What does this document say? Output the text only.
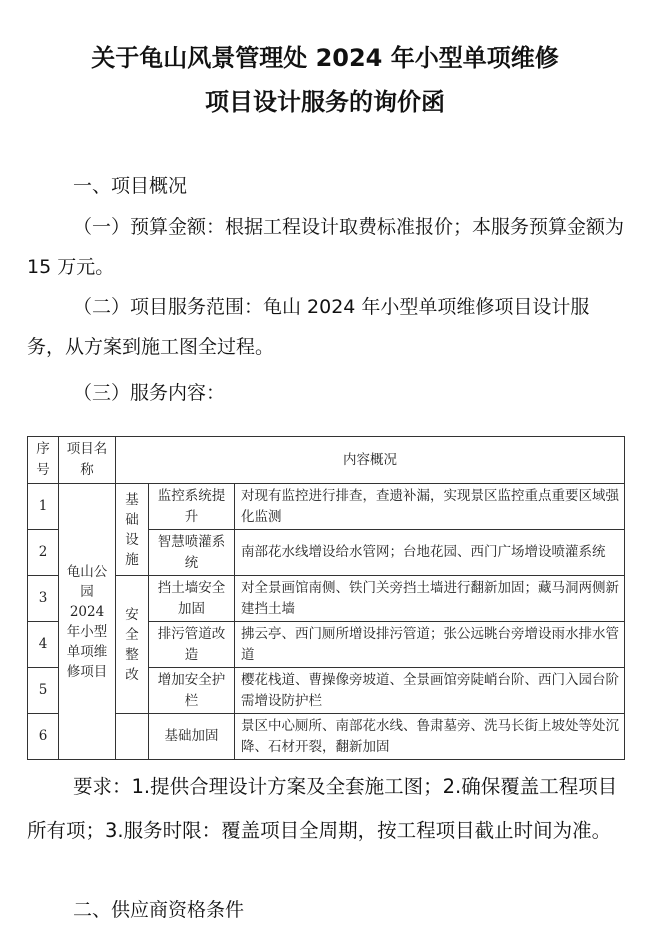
关于龟山风景管理处 2024 年小型单项维修
项目设计服务的询价函

一、项目概况

（一）预算金额：根据工程设计取费标准报价；本服务预算金额为 15 万元。

（二）项目服务范围：龟山 2024 年小型单项维修项目设计服务，从方案到施工图全过程。

（三）服务内容：

序号	项目名称	内容概况		
1	龟山公园2024年小型单项维修项目	基础设施	监控系统提升	对现有监控进行排查，查遗补漏，实现景区监控重点重要区域强化监测
2			智慧喷灌系统	南部花水线增设给水管网；台地花园、西门广场增设喷灌系统
3		安全整改	挡土墙安全加固	对全景画馆南侧、铁门关旁挡土墙进行翻新加固；藏马洞两侧新建挡土墙
4			排污管道改造	拂云亭、西门厕所增设排污管道；张公远眺台旁增设雨水排水管道
5			增加安全护栏	樱花栈道、曹操像旁坡道、全景画馆旁陡峭台阶、西门入园台阶需增设防护栏
6			基础加固	景区中心厕所、南部花水线、鲁肃墓旁、洗马长街上坡处等处沉降、石材开裂，翻新加固

要求：1.提供合理设计方案及全套施工图；2.确保覆盖工程项目所有项；3.服务时限：覆盖项目全周期，按工程项目截止时间为准。

二、供应商资格条件
